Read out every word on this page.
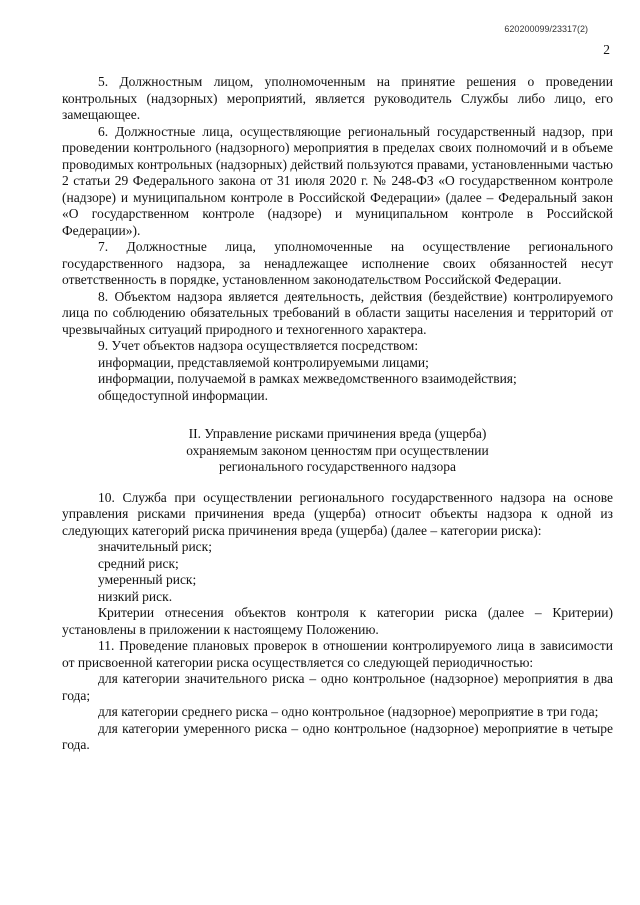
620200099/23317(2)
2

5. Должностным лицом, уполномоченным на принятие решения о проведении контрольных (надзорных) мероприятий, является руководитель Службы либо лицо, его замещающее.

6. Должностные лица, осуществляющие региональный государственный надзор, при проведении контрольного (надзорного) мероприятия в пределах своих полномочий и в объеме проводимых контрольных (надзорных) действий пользуются правами, установленными частью 2 статьи 29 Федерального закона от 31 июля 2020 г. № 248-ФЗ «О государственном контроле (надзоре) и муниципальном контроле в Российской Федерации» (далее – Федеральный закон «О государственном контроле (надзоре) и муниципальном контроле в Российской Федерации»).

7. Должностные лица, уполномоченные на осуществление регионального государственного надзора, за ненадлежащее исполнение своих обязанностей несут ответственность в порядке, установленном законодательством Российской Федерации.

8. Объектом надзора является деятельность, действия (бездействие) контролируемого лица по соблюдению обязательных требований в области защиты населения и территорий от чрезвычайных ситуаций природного и техногенного характера.

9. Учет объектов надзора осуществляется посредством:

информации, представляемой контролируемыми лицами;

информации, получаемой в рамках межведомственного взаимодействия;

общедоступной информации.

II. Управление рисками причинения вреда (ущерба)
охраняемым законом ценностям при осуществлении
регионального государственного надзора

10. Служба при осуществлении регионального государственного надзора на основе управления рисками причинения вреда (ущерба) относит объекты надзора к одной из следующих категорий риска причинения вреда (ущерба) (далее – категории риска):

значительный риск;

средний риск;

умеренный риск;

низкий риск.

Критерии отнесения объектов контроля к категории риска (далее – Критерии) установлены в приложении к настоящему Положению.

11. Проведение плановых проверок в отношении контролируемого лица в зависимости от присвоенной категории риска осуществляется со следующей периодичностью:

для категории значительного риска – одно контрольное (надзорное) мероприятия в два года;

для категории среднего риска – одно контрольное (надзорное) мероприятие в три года;

для категории умеренного риска – одно контрольное (надзорное) мероприятие в четыре года.
